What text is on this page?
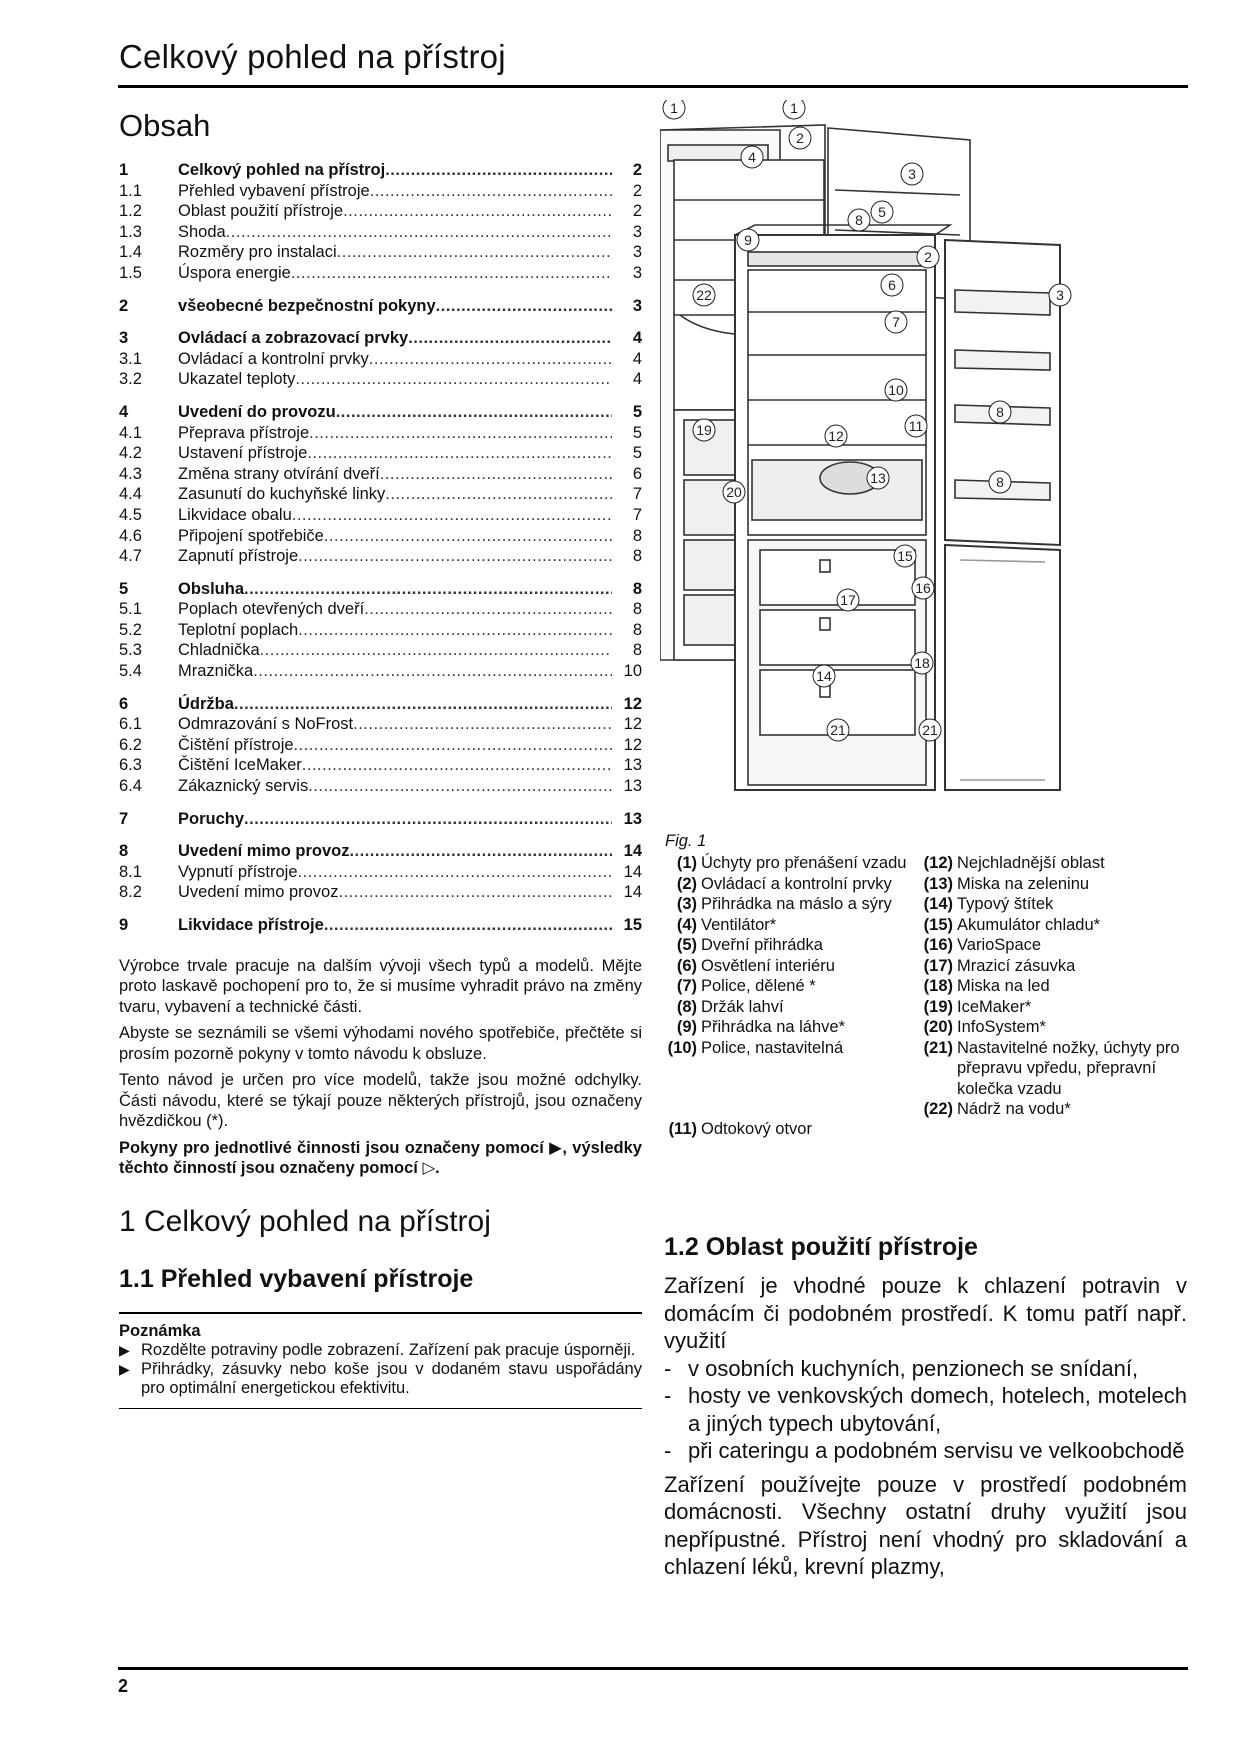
Celkový pohled na přístroj
Obsah
1	Celkový pohled na přístroj .....	2
1.1	Přehled vybavení přístroje .....	2
1.2	Oblast použití přístroje .....	2
1.3	Shoda .....	3
1.4	Rozměry pro instalaci .....	3
1.5	Úspora energie .....	3
2	všeobecné bezpečnostní pokyny .....	3
3	Ovládací a zobrazovací prvky .....	4
3.1	Ovládací a kontrolní prvky .....	4
3.2	Ukazatel teploty .....	4
4	Uvedení do provozu .....	5
4.1	Přeprava přístroje .....	5
4.2	Ustavení přístroje .....	5
4.3	Změna strany otvírání dveří .....	6
4.4	Zasunutí do kuchyňské linky .....	7
4.5	Likvidace obalu .....	7
4.6	Připojení spotřebiče .....	8
4.7	Zapnutí přístroje .....	8
5	Obsluha .....	8
5.1	Poplach otevřených dveří .....	8
5.2	Teplotní poplach .....	8
5.3	Chladnička .....	8
5.4	Mraznička .....	10
6	Údržba .....	12
6.1	Odmrazování s NoFrost .....	12
6.2	Čištění přístroje .....	12
6.3	Čištění IceMaker .....	13
6.4	Zákaznický servis .....	13
7	Poruchy .....	13
8	Uvedení mimo provoz .....	14
8.1	Vypnutí přístroje .....	14
8.2	Uvedení mimo provoz .....	14
9	Likvidace přístroje .....	15

Výrobce trvale pracuje na dalším vývoji všech typů a modelů. Mějte proto laskavě pochopení pro to, že si musíme vyhradit právo na změny tvaru, vybavení a technické části.

Abyste se seznámili se všemi výhodami nového spotřebiče, přečtěte si prosím pozorně pokyny v tomto návodu k obsluze.

Tento návod je určen pro více modelů, takže jsou možné odchylky. Části návodu, které se týkají pouze některých přístrojů, jsou označeny hvězdičkou (*).

Pokyny pro jednotlivé činnosti jsou označeny pomocí ▶, výsledky těchto činností jsou označeny pomocí ▷.

1 Celkový pohled na přístroj
1.1 Přehled vybavení přístroje
Poznámka
▶ Rozdělte potraviny podle zobrazení. Zařízení pak pracuje úsporněji.
▶ Přihrádky, zásuvky nebo koše jsou v dodaném stavu uspořádány pro optimální energetickou efektivitu.
1	1
2
2
3
3
4
5
6
7
8
8
8
9
10
11
12
13
14
15
16
17
18
19
20
21	21
22
Fig. 1
(1) Úchyty pro přenášení vzadu
(2) Ovládací a kontrolní prvky
(3) Přihrádka na máslo a sýry
(4) Ventilátor*
(5) Dveřní přihrádka
(6) Osvětlení interiéru
(7) Police, dělené *
(8) Držák lahví
(9) Přihrádka na láhve*
(10) Police, nastavitelná
(11) Odtokový otvor
(12) Nejchladnější oblast
(13) Miska na zeleninu
(14) Typový štítek
(15) Akumulátor chladu*
(16) VarioSpace
(17) Mrazicí zásuvka
(18) Miska na led
(19) IceMaker*
(20) InfoSystem*
(21) Nastavitelné nožky, úchyty pro přepravu vpředu, přepravní kolečka vzadu
(22) Nádrž na vodu*
1.2 Oblast použití přístroje
Zařízení je vhodné pouze k chlazení potravin v domácím či podobném prostředí. K tomu patří např. využití
- v osobních kuchyních, penzionech se snídaní,
- hosty ve venkovských domech, hotelech, motelech a jiných typech ubytování,
- při cateringu a podobném servisu ve velkoobchodě
Zařízení používejte pouze v prostředí podobném domácnosti. Všechny ostatní druhy využití jsou nepřípustné. Přístroj není vhodný pro skladování a chlazení léků, krevní plazmy,
2
